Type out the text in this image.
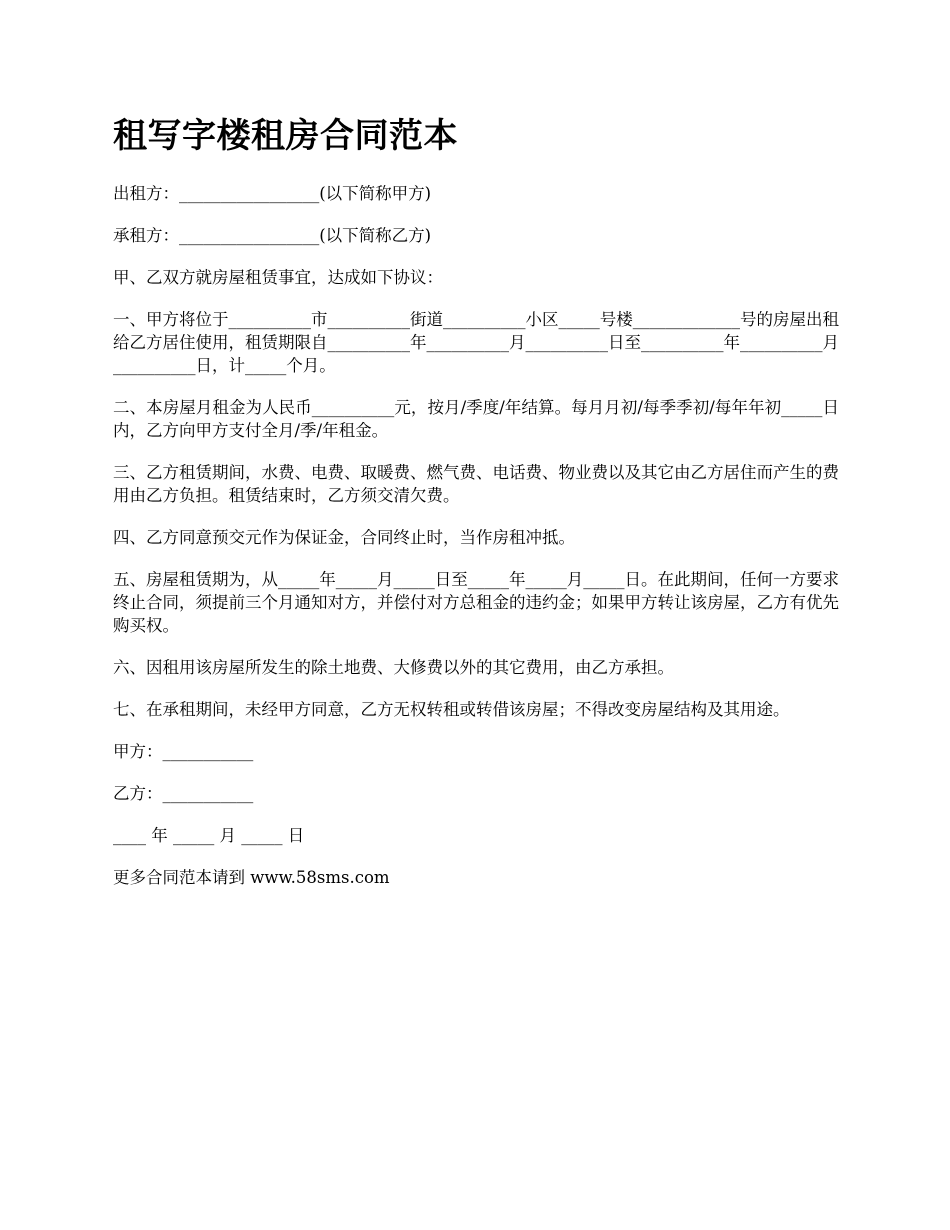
租写字楼租房合同范本

出租方：_________________(以下简称甲方)

承租方：_________________(以下简称乙方)

甲、乙双方就房屋租赁事宜，达成如下协议：

一、甲方将位于__________市__________街道__________小区_____号楼_____________号的房屋出租给乙方居住使用，租赁期限自__________年__________月__________日至__________年__________月__________日，计_____个月。

二、本房屋月租金为人民币__________元，按月/季度/年结算。每月月初/每季季初/每年年初_____日内，乙方向甲方支付全月/季/年租金。

三、乙方租赁期间，水费、电费、取暖费、燃气费、电话费、物业费以及其它由乙方居住而产生的费用由乙方负担。租赁结束时，乙方须交清欠费。

四、乙方同意预交元作为保证金，合同终止时，当作房租冲抵。

五、房屋租赁期为，从_____年_____月_____日至_____年_____月_____日。在此期间，任何一方要求终止合同，须提前三个月通知对方，并偿付对方总租金的违约金；如果甲方转让该房屋，乙方有优先购买权。

六、因租用该房屋所发生的除土地费、大修费以外的其它费用，由乙方承担。

七、在承租期间，未经甲方同意，乙方无权转租或转借该房屋；不得改变房屋结构及其用途。

甲方：___________

乙方：___________

____ 年 _____ 月 _____ 日

更多合同范本请到 www.58sms.com
